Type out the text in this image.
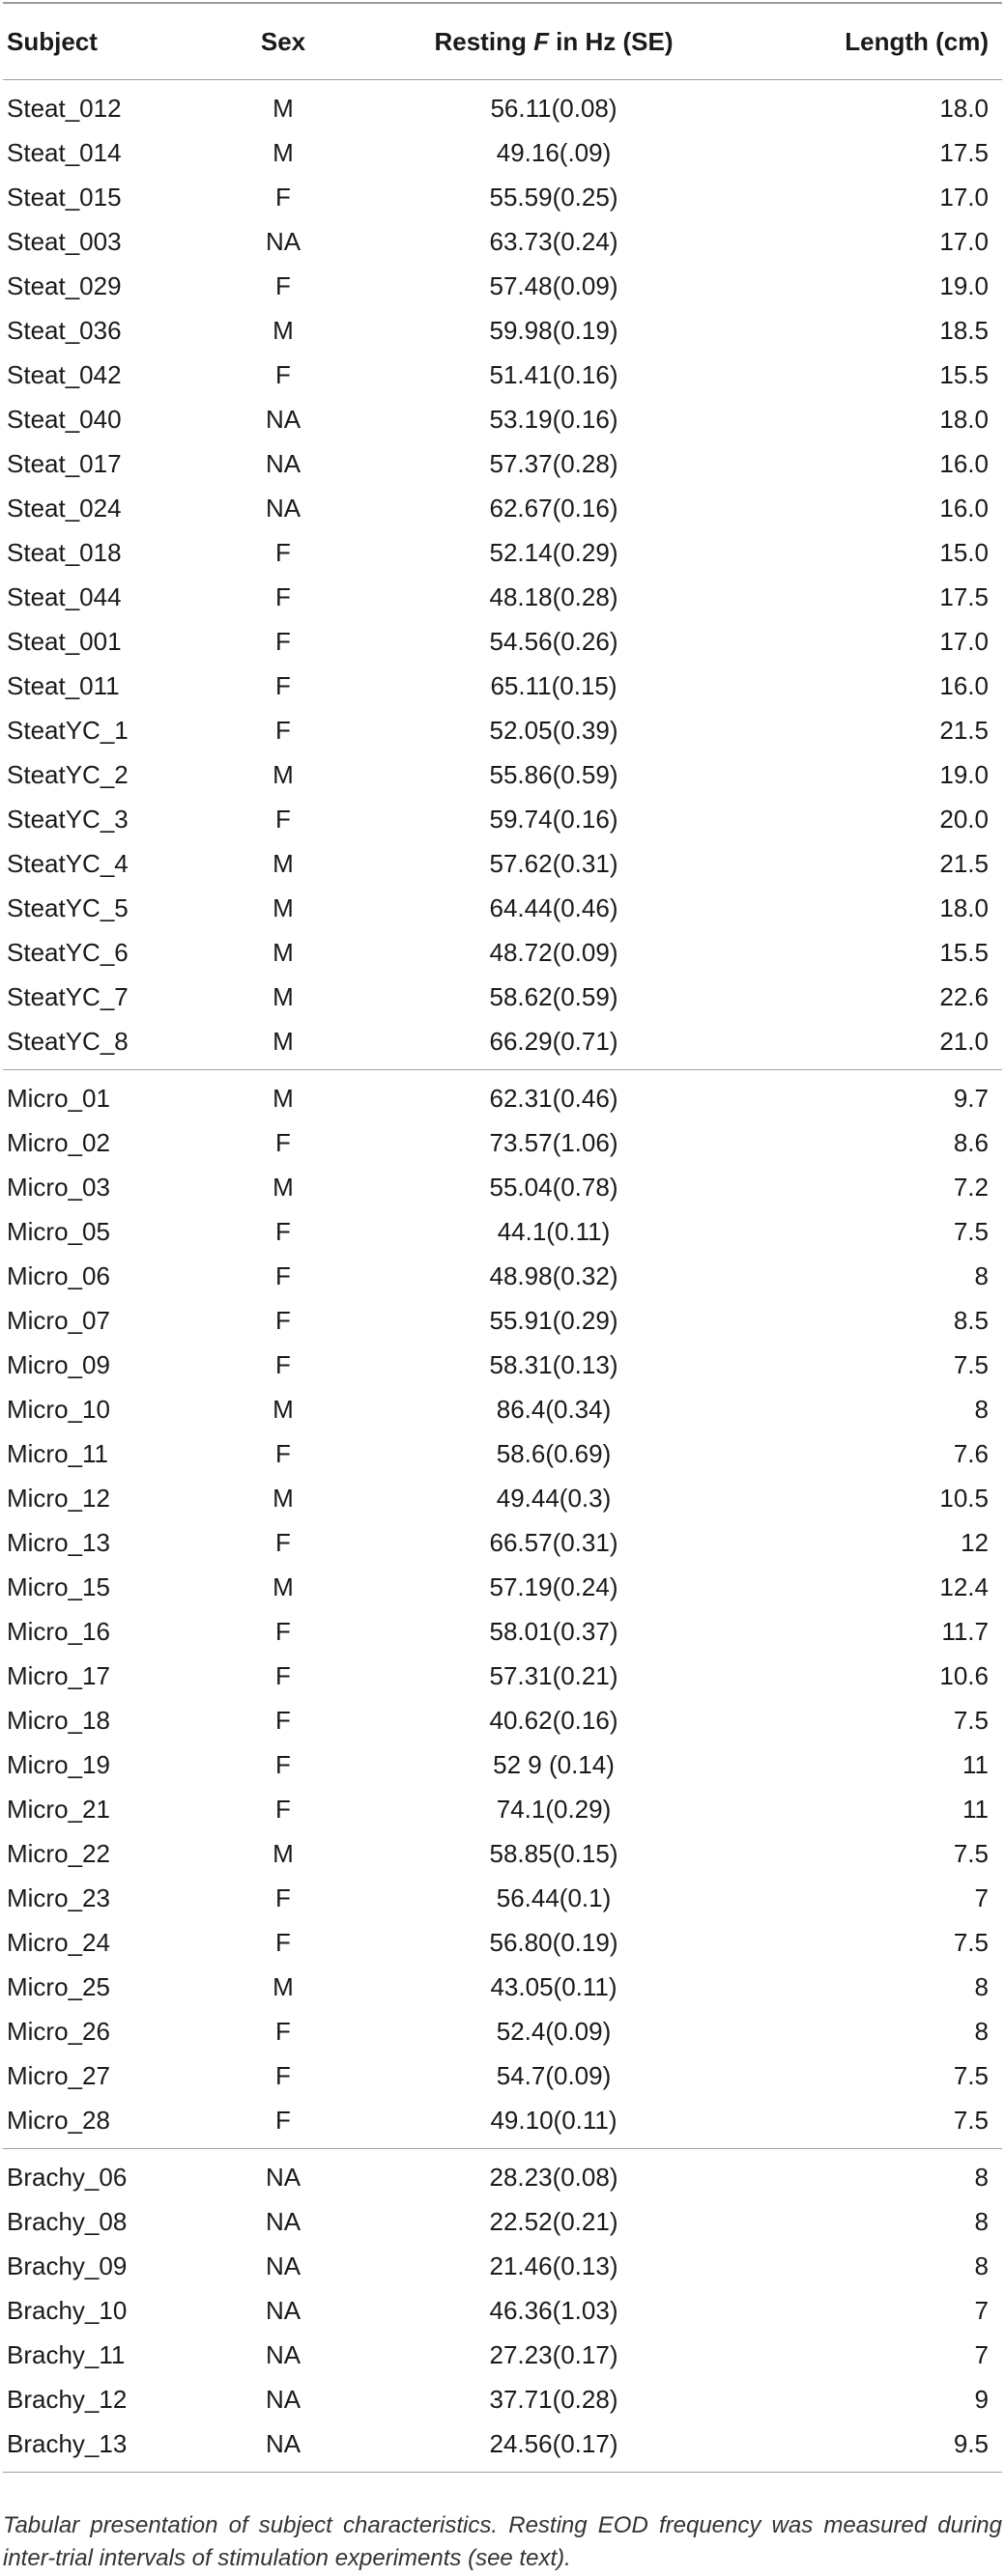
Subject	Sex	Resting F in Hz (SE)	Length (cm)
Steat_012	M	56.11(0.08)	18.0
Steat_014	M	49.16(.09)	17.5
Steat_015	F	55.59(0.25)	17.0
Steat_003	NA	63.73(0.24)	17.0
Steat_029	F	57.48(0.09)	19.0
Steat_036	M	59.98(0.19)	18.5
Steat_042	F	51.41(0.16)	15.5
Steat_040	NA	53.19(0.16)	18.0
Steat_017	NA	57.37(0.28)	16.0
Steat_024	NA	62.67(0.16)	16.0
Steat_018	F	52.14(0.29)	15.0
Steat_044	F	48.18(0.28)	17.5
Steat_001	F	54.56(0.26)	17.0
Steat_011	F	65.11(0.15)	16.0
SteatYC_1	F	52.05(0.39)	21.5
SteatYC_2	M	55.86(0.59)	19.0
SteatYC_3	F	59.74(0.16)	20.0
SteatYC_4	M	57.62(0.31)	21.5
SteatYC_5	M	64.44(0.46)	18.0
SteatYC_6	M	48.72(0.09)	15.5
SteatYC_7	M	58.62(0.59)	22.6
SteatYC_8	M	66.29(0.71)	21.0
Micro_01	M	62.31(0.46)	9.7
Micro_02	F	73.57(1.06)	8.6
Micro_03	M	55.04(0.78)	7.2
Micro_05	F	44.1(0.11)	7.5
Micro_06	F	48.98(0.32)	8
Micro_07	F	55.91(0.29)	8.5
Micro_09	F	58.31(0.13)	7.5
Micro_10	M	86.4(0.34)	8
Micro_11	F	58.6(0.69)	7.6
Micro_12	M	49.44(0.3)	10.5
Micro_13	F	66.57(0.31)	12
Micro_15	M	57.19(0.24)	12.4
Micro_16	F	58.01(0.37)	11.7
Micro_17	F	57.31(0.21)	10.6
Micro_18	F	40.62(0.16)	7.5
Micro_19	F	52 9 (0.14)	11
Micro_21	F	74.1(0.29)	11
Micro_22	M	58.85(0.15)	7.5
Micro_23	F	56.44(0.1)	7
Micro_24	F	56.80(0.19)	7.5
Micro_25	M	43.05(0.11)	8
Micro_26	F	52.4(0.09)	8
Micro_27	F	54.7(0.09)	7.5
Micro_28	F	49.10(0.11)	7.5
Brachy_06	NA	28.23(0.08)	8
Brachy_08	NA	22.52(0.21)	8
Brachy_09	NA	21.46(0.13)	8
Brachy_10	NA	46.36(1.03)	7
Brachy_11	NA	27.23(0.17)	7
Brachy_12	NA	37.71(0.28)	9
Brachy_13	NA	24.56(0.17)	9.5
Tabular presentation of subject characteristics. Resting EOD frequency was measured during inter-trial intervals of stimulation experiments (see text).
